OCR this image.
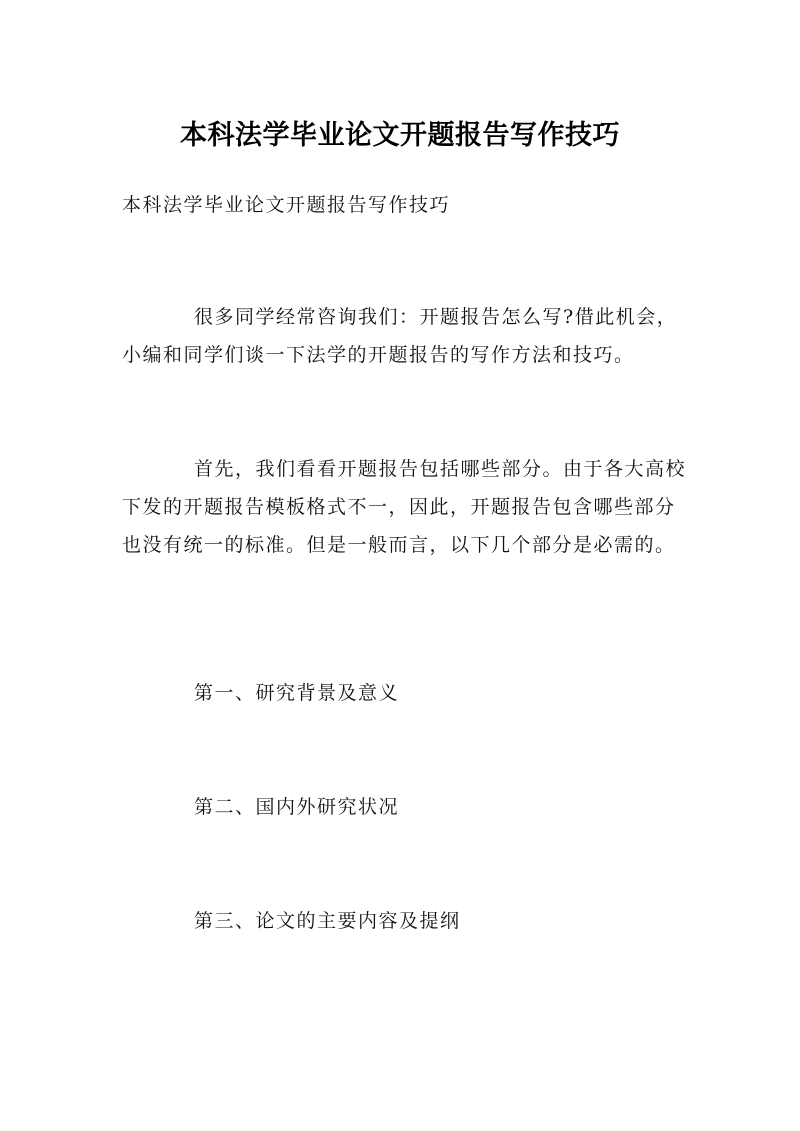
本科法学毕业论文开题报告写作技巧

本科法学毕业论文开题报告写作技巧

很多同学经常咨询我们：开题报告怎么写?借此机会，小编和同学们谈一下法学的开题报告的写作方法和技巧。

首先，我们看看开题报告包括哪些部分。由于各大高校下发的开题报告模板格式不一，因此，开题报告包含哪些部分也没有统一的标准。但是一般而言，以下几个部分是必需的。

第一、研究背景及意义

第二、国内外研究状况

第三、论文的主要内容及提纲
